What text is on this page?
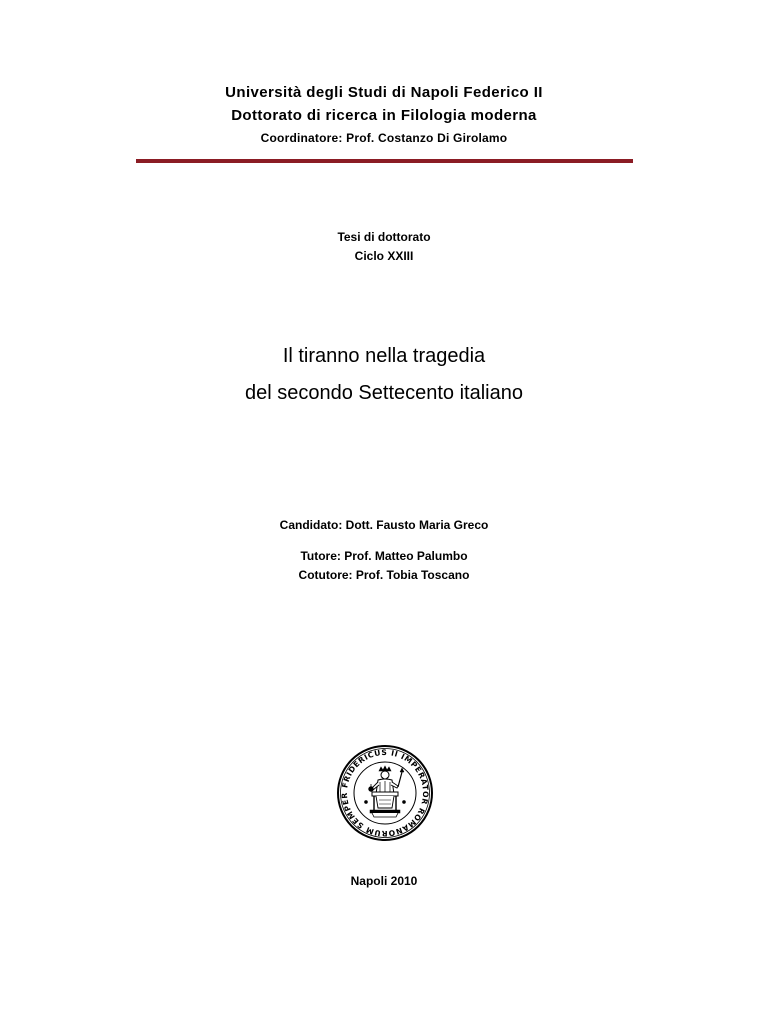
Università degli Studi di Napoli Federico II
Dottorato di ricerca in Filologia moderna
Coordinatore: Prof. Costanzo Di Girolamo
Tesi di dottorato
Ciclo XXIII
Il tiranno nella tragedia
del secondo Settecento italiano
Candidato: Dott. Fausto Maria Greco
Tutore: Prof. Matteo Palumbo
Cotutore: Prof. Tobia Toscano
FRIDERICUS II IMPERATOR ROMANORUM SEMPER
Napoli 2010
